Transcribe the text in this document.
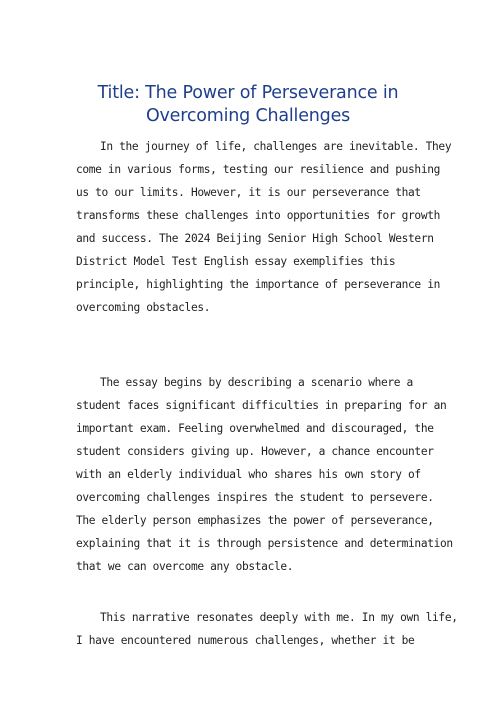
Title: The Power of Perseverance in
Overcoming Challenges
In the journey of life, challenges are inevitable. They
come in various forms, testing our resilience and pushing
us to our limits. However, it is our perseverance that
transforms these challenges into opportunities for growth
and success. The 2024 Beijing Senior High School Western
District Model Test English essay exemplifies this
principle, highlighting the importance of perseverance in
overcoming obstacles.
The essay begins by describing a scenario where a
student faces significant difficulties in preparing for an
important exam. Feeling overwhelmed and discouraged, the
student considers giving up. However, a chance encounter
with an elderly individual who shares his own story of
overcoming challenges inspires the student to persevere.
The elderly person emphasizes the power of perseverance,
explaining that it is through persistence and determination
that we can overcome any obstacle.
This narrative resonates deeply with me. In my own life,
I have encountered numerous challenges, whether it be
